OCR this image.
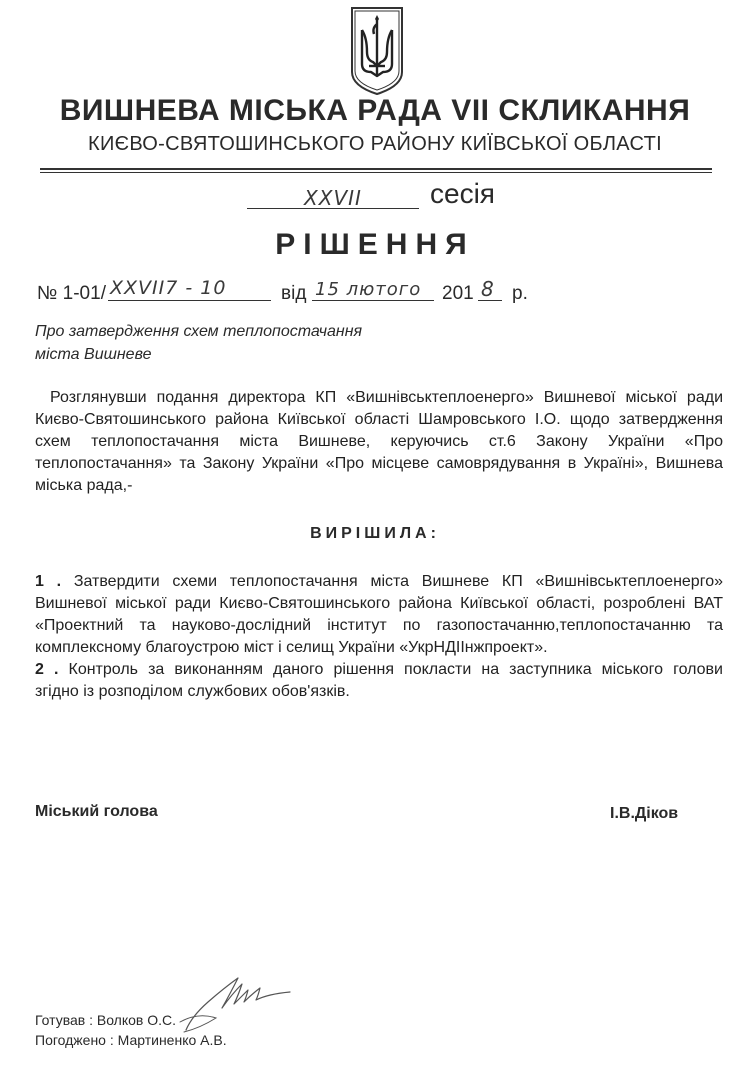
ВИШНЕВА МІСЬКА РАДА VII СКЛИКАННЯ
КИЄВО-СВЯТОШИНСЬКОГО РАЙОНУ КИЇВСЬКОЇ ОБЛАСТІ
XXVII	сесія
РІШЕННЯ
№ 1-01/ XXVII7 - 10	від 15 лютого 201 8 р.
Про затвердження схем теплопостачання
міста Вишневе
Розглянувши подання директора КП «Вишнівськтеплоенерго» Вишневої міської ради
Києво-Святошинського района Київської області Шамровського І.О. щодо затвердження
схем теплопостачання міста Вишневе, керуючись ст.6 Закону України «Про
теплопостачання» та Закону України «Про місцеве самоврядування в Україні», Вишнева
міська рада,-
ВИРІШИЛА:
1 . Затвердити схеми теплопостачання міста Вишневе КП «Вишнівськтеплоенерго»
Вишневої міської ради Києво-Святошинського района Київської області, розроблені ВАТ
«Проектний та науково-дослідний інститут по газопостачанню,теплопостачанню та
комплексному благоустрою міст і селищ України «УкрНДІІнжпроект».
2 . Контроль за виконанням даного рішення покласти на заступника міського голови
згідно із розподілом службових обов'язків.
Міський голова	І.В.Діков
Готував : Волков О.С.
Погоджено : Мартиненко А.В.
